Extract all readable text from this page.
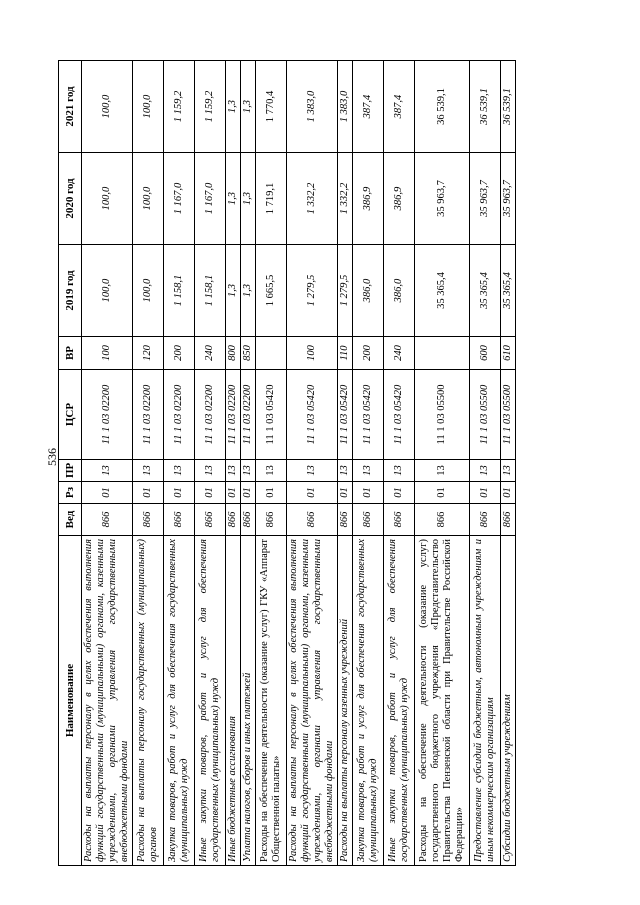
536
Наименование	Вед	Рз	ПР	ЦСР	ВР	2019 год	2020 год	2021 год
Расходы на выплаты персоналу в целях обеспечения выполнения функций государственными (муниципальными) органами, казенными учреждениями, органами управления государственными внебюджетными фондами	866	01	13	11 1 03 02200	100	100,0	100,0	100,0
Расходы на выплаты персоналу государственных (муниципальных) органов	866	01	13	11 1 03 02200	120	100,0	100,0	100,0
Закупка товаров, работ и услуг для обеспечения государственных (муниципальных) нужд	866	01	13	11 1 03 02200	200	1 158,1	1 167,0	1 159,2
Иные закупки товаров, работ и услуг для обеспечения государственных (муниципальных) нужд	866	01	13	11 1 03 02200	240	1 158,1	1 167,0	1 159,2
Иные бюджетные ассигнования	866	01	13	11 1 03 02200	800	1,3	1,3	1,3
Уплата налогов, сборов и иных платежей	866	01	13	11 1 03 02200	850	1,3	1,3	1,3
Расходы на обеспечение деятельности (оказание услуг) ГКУ «Аппарат Общественной палаты»	866	01	13	11 1 03 05420		1 665,5	1 719,1	1 770,4
Расходы на выплаты персоналу в целях обеспечения выполнения функций государственными (муниципальными) органами, казенными учреждениями, органами управления государственными внебюджетными фондами	866	01	13	11 1 03 05420	100	1 279,5	1 332,2	1 383,0
Расходы на выплаты персоналу казенных учреждений	866	01	13	11 1 03 05420	110	1 279,5	1 332,2	1 383,0
Закупка товаров, работ и услуг для обеспечения государственных (муниципальных) нужд	866	01	13	11 1 03 05420	200	386,0	386,9	387,4
Иные закупки товаров, работ и услуг для обеспечения государственных (муниципальных) нужд	866	01	13	11 1 03 05420	240	386,0	386,9	387,4
Расходы на обеспечение деятельности (оказание услуг) государственного бюджетного учреждения «Представительство Правительства Пензенской области при Правительстве Российской Федерации»	866	01	13	11 1 03 05500		35 365,4	35 963,7	36 539,1
Предоставление субсидий бюджетным, автономным учреждениям и иным некоммерческим организациям	866	01	13	11 1 03 05500	600	35 365,4	35 963,7	36 539,1
Субсидии бюджетным учреждениям	866	01	13	11 1 03 05500	610	35 365,4	35 963,7	36 539,1
